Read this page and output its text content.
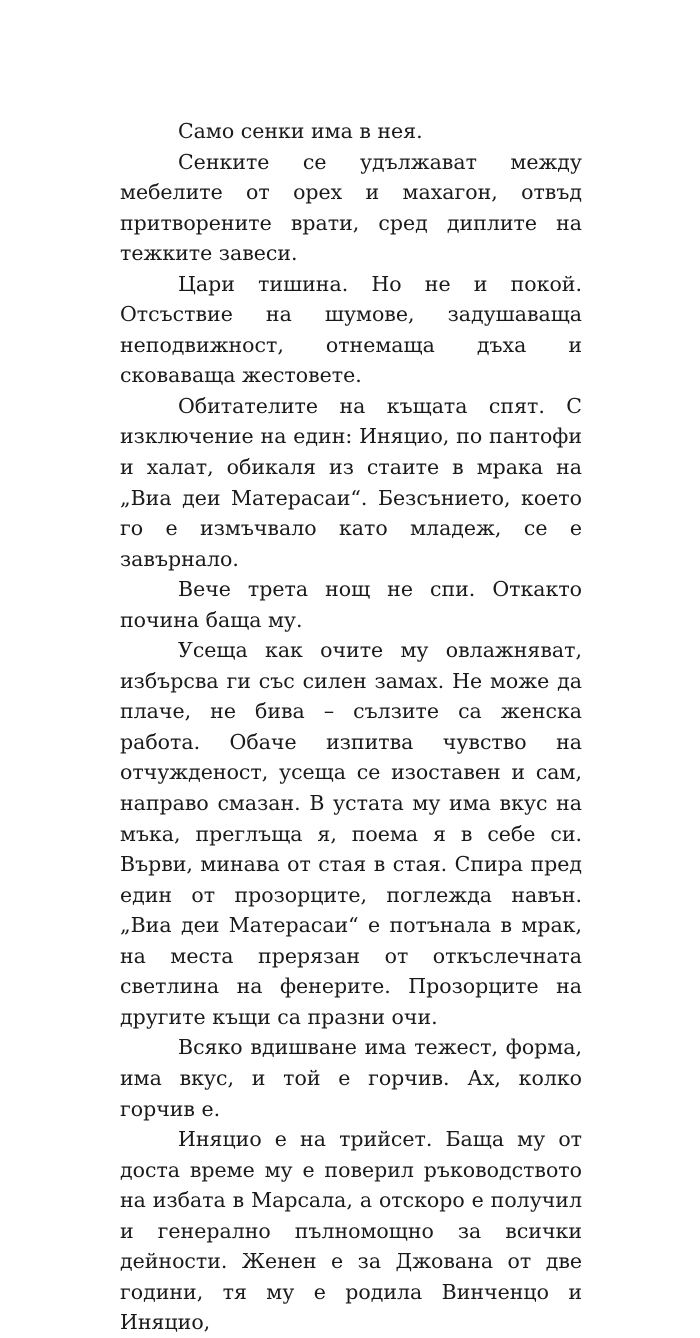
Само сенки има в нея.

Сенките се удължават между мебелите от орех и махагон, отвъд притворените врати, сред диплите на тежките завеси.

Цари тишина. Но не и покой. Отсъствие на шумове, задушаваща неподвижност, отнемаща дъха и сковаваща жестовете.

Обитателите на къщата спят. С изключение на един: Иняцио, по пантофи и халат, обикаля из стаите в мрака на „Виа деи Матерасаи“. Безсънието, което го е измъчвало като младеж, се е завърнало.

Вече трета нощ не спи. Откакто почина баща му.

Усеща как очите му овлажняват, избърсва ги със силен замах. Не може да плаче, не бива – сълзите са женска работа. Обаче изпитва чувство на отчужденост, усеща се изоставен и сам, направо смазан. В устата му има вкус на мъка, преглъща я, поема я в себе си. Върви, минава от стая в стая. Спира пред един от прозорците, поглежда навън. „Виа деи Матерасаи“ е потънала в мрак, на места прерязан от откъслечната светлина на фенерите. Прозорците на другите къщи са празни очи.

Всяко вдишване има тежест, форма, има вкус, и той е горчив. Ах, колко горчив е.

Иняцио е на трийсет. Баща му от доста време му е поверил ръководството на избата в Марсала, а отскоро е получил и генерално пълномощно за всички дейности. Женен е за Джована от две години, тя му е родила Винченцо и Иняцио,
